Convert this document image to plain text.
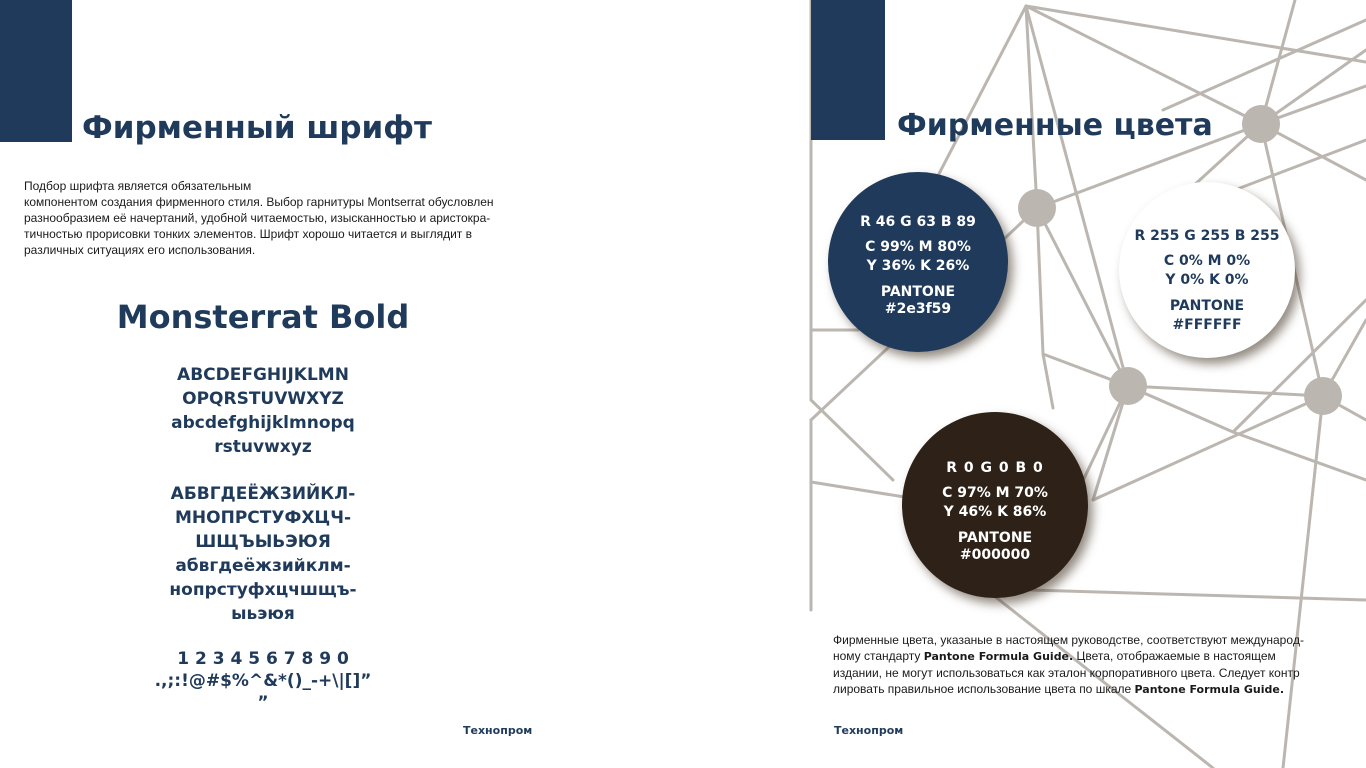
Фирменный шрифт

Подбор шрифта является обязательным
компонентом создания фирменного стиля. Выбор гарнитуры Montserrat обусловлен
разнообразием её начертаний, удобной читаемостью, изысканностью и аристокра-
тичностью прорисовки тонких элементов. Шрифт хорошо читается и выглядит в
различных ситуациях его использования.

Monsterrat Bold
ABCDEFGHIJKLMN
OPQRSTUVWXYZ
abcdefghijklmnopq
rstuvwxyz
АБВГДЕЁЖЗИЙКЛ-
МНОПРСТУФХЦЧ-
ШЩЪЫЬЭЮЯ
абвгдеёжзийклм-
нопрстуфхцчшщъ-
ыьэюя
1 2 3 4 5 6 7 8 9 0
.,;:!@#$%^&*()_-+\|[]”
”
Технопром
Фирменные цвета
R 46 G 63 B 89
C 99% M 80%
Y 36% K 26%
PANTONE
#2e3f59
R 255 G 255 B 255
C 0% M 0%
Y 0% K 0%
PANTONE
#FFFFFF
R 0 G 0 B 0
C 97% M 70%
Y 46% K 86%
PANTONE
#000000

Фирменные цвета, указаные в настоящем руководстве, соответствуют междунарoд-
ному стандарту Pantone Formula Guide. Цвета, отображаемые в настоящем
издании, не могут использоваться как эталон корпоративного цвета. Следует контр
лировать правильное использование цвета по шкале Pantone Formula Guide.

Технопром
